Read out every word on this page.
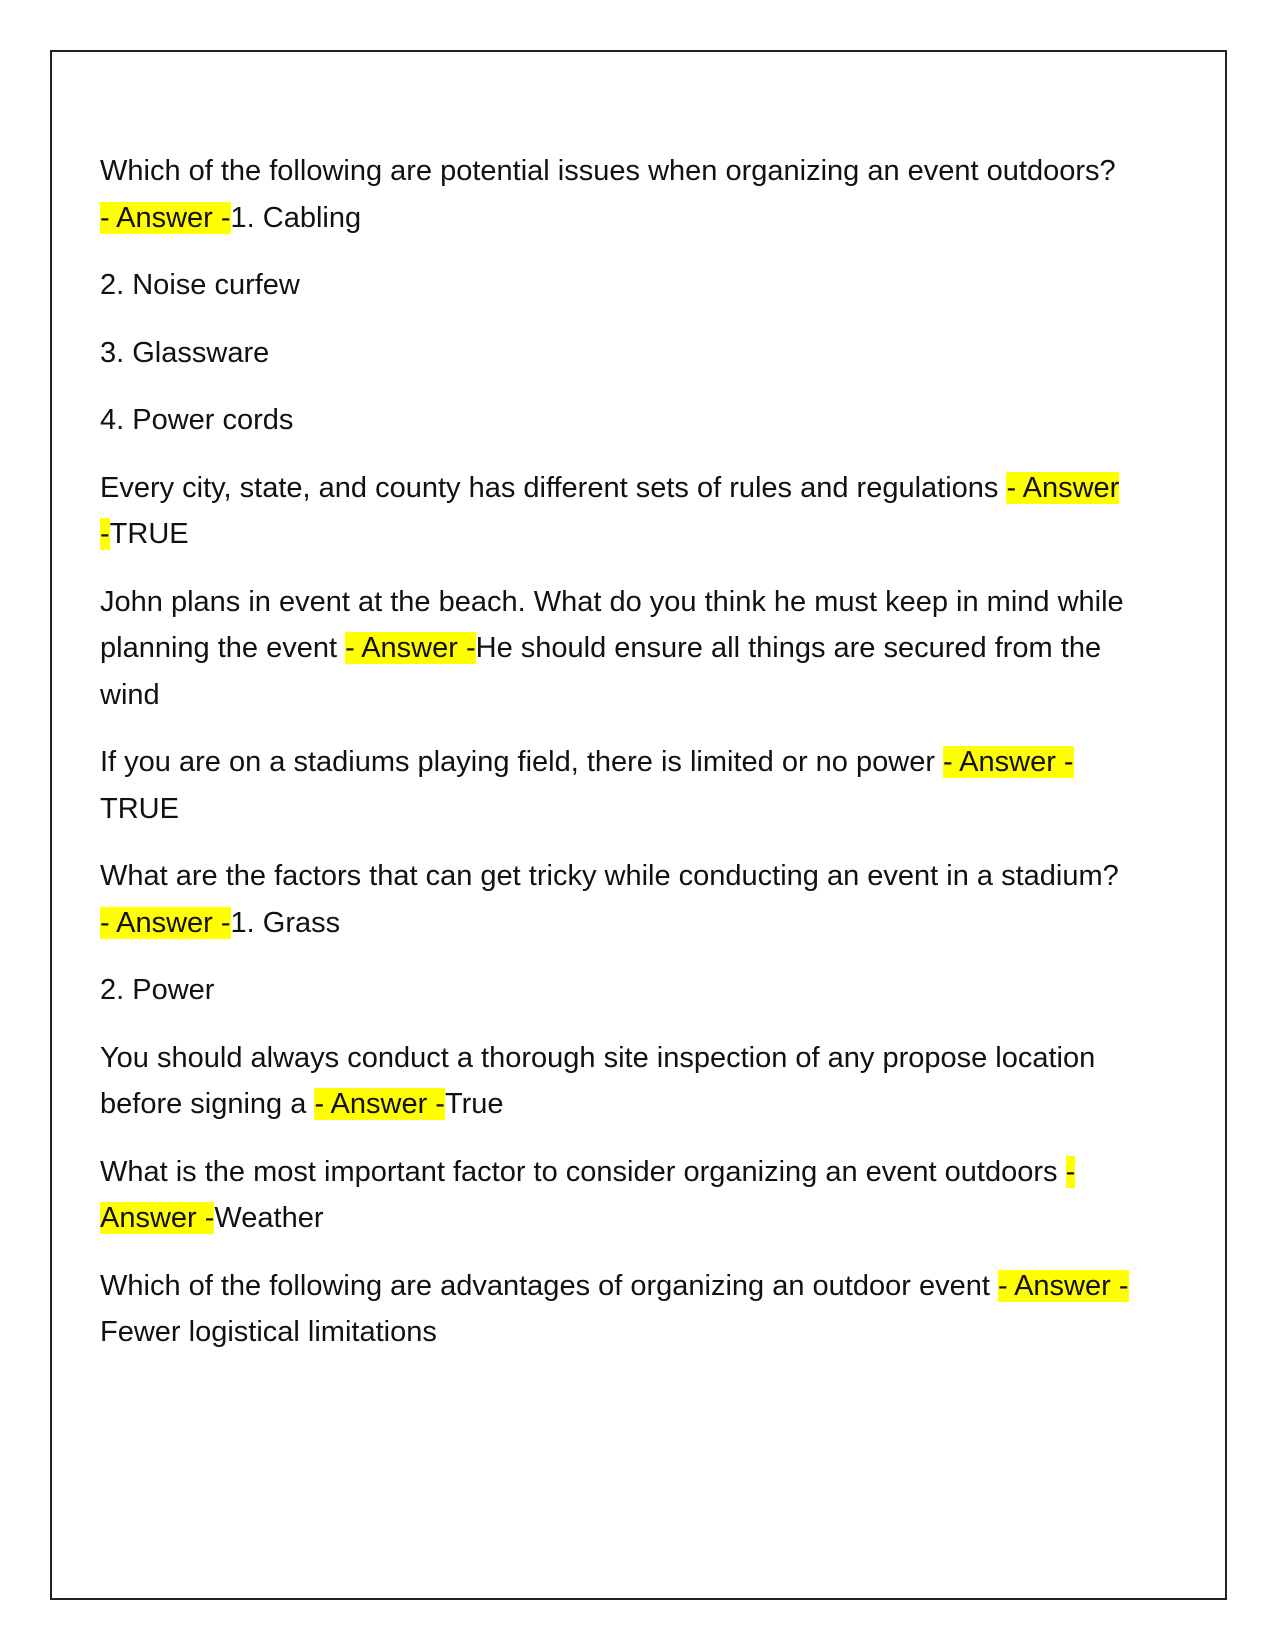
Which of the following are potential issues when organizing an event outdoors? - Answer -1. Cabling

2. Noise curfew

3. Glassware

4. Power cords

Every city, state, and county has different sets of rules and regulations - Answer -TRUE

John plans in event at the beach. What do you think he must keep in mind while planning the event - Answer -He should ensure all things are secured from the wind

If you are on a stadiums playing field, there is limited or no power - Answer -TRUE

What are the factors that can get tricky while conducting an event in a stadium? - Answer -1. Grass

2. Power

You should always conduct a thorough site inspection of any propose location before signing a - Answer -True

What is the most important factor to consider organizing an event outdoors - Answer -Weather

Which of the following are advantages of organizing an outdoor event - Answer -Fewer logistical limitations
